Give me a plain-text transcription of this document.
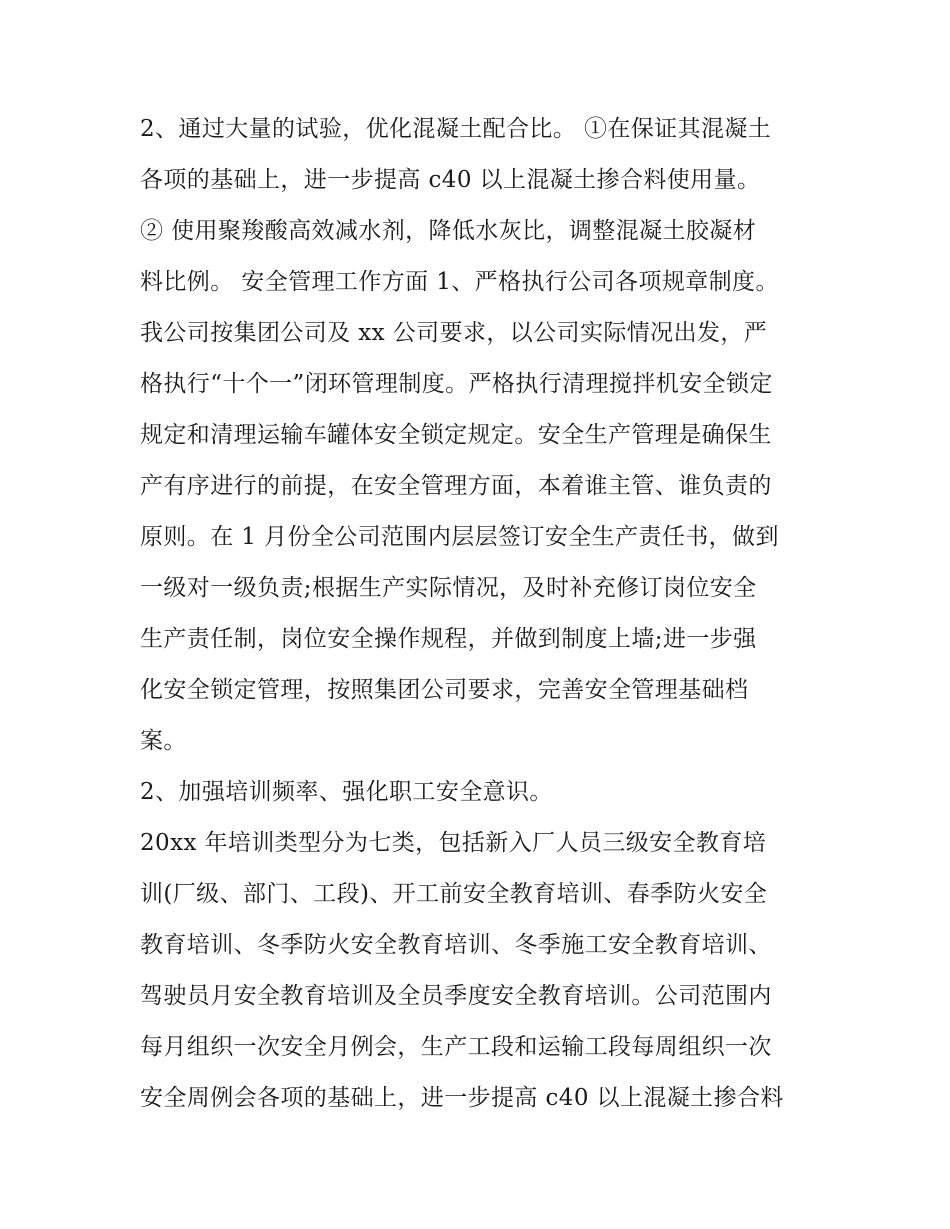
2、通过大量的试验，优化混凝土配合比。 ①在保证其混凝土
各项的基础上，进一步提高 c40 以上混凝土掺合料使用量。
② 使用聚羧酸高效减水剂，降低水灰比，调整混凝土胶凝材
料比例。 安全管理工作方面 1、严格执行公司各项规章制度。
我公司按集团公司及 xx 公司要求，以公司实际情况出发，严
格执行“十个一”闭环管理制度。严格执行清理搅拌机安全锁定
规定和清理运输车罐体安全锁定规定。安全生产管理是确保生
产有序进行的前提，在安全管理方面，本着谁主管、谁负责的
原则。在 1 月份全公司范围内层层签订安全生产责任书，做到
一级对一级负责;根据生产实际情况，及时补充修订岗位安全
生产责任制，岗位安全操作规程，并做到制度上墙;进一步强
化安全锁定管理，按照集团公司要求，完善安全管理基础档
案。
2、加强培训频率、强化职工安全意识。
20xx 年培训类型分为七类，包括新入厂人员三级安全教育培
训(厂级、部门、工段)、开工前安全教育培训、春季防火安全
教育培训、冬季防火安全教育培训、冬季施工安全教育培训、
驾驶员月安全教育培训及全员季度安全教育培训。公司范围内
每月组织一次安全月例会，生产工段和运输工段每周组织一次
安全周例会各项的基础上，进一步提高 c40 以上混凝土掺合料
